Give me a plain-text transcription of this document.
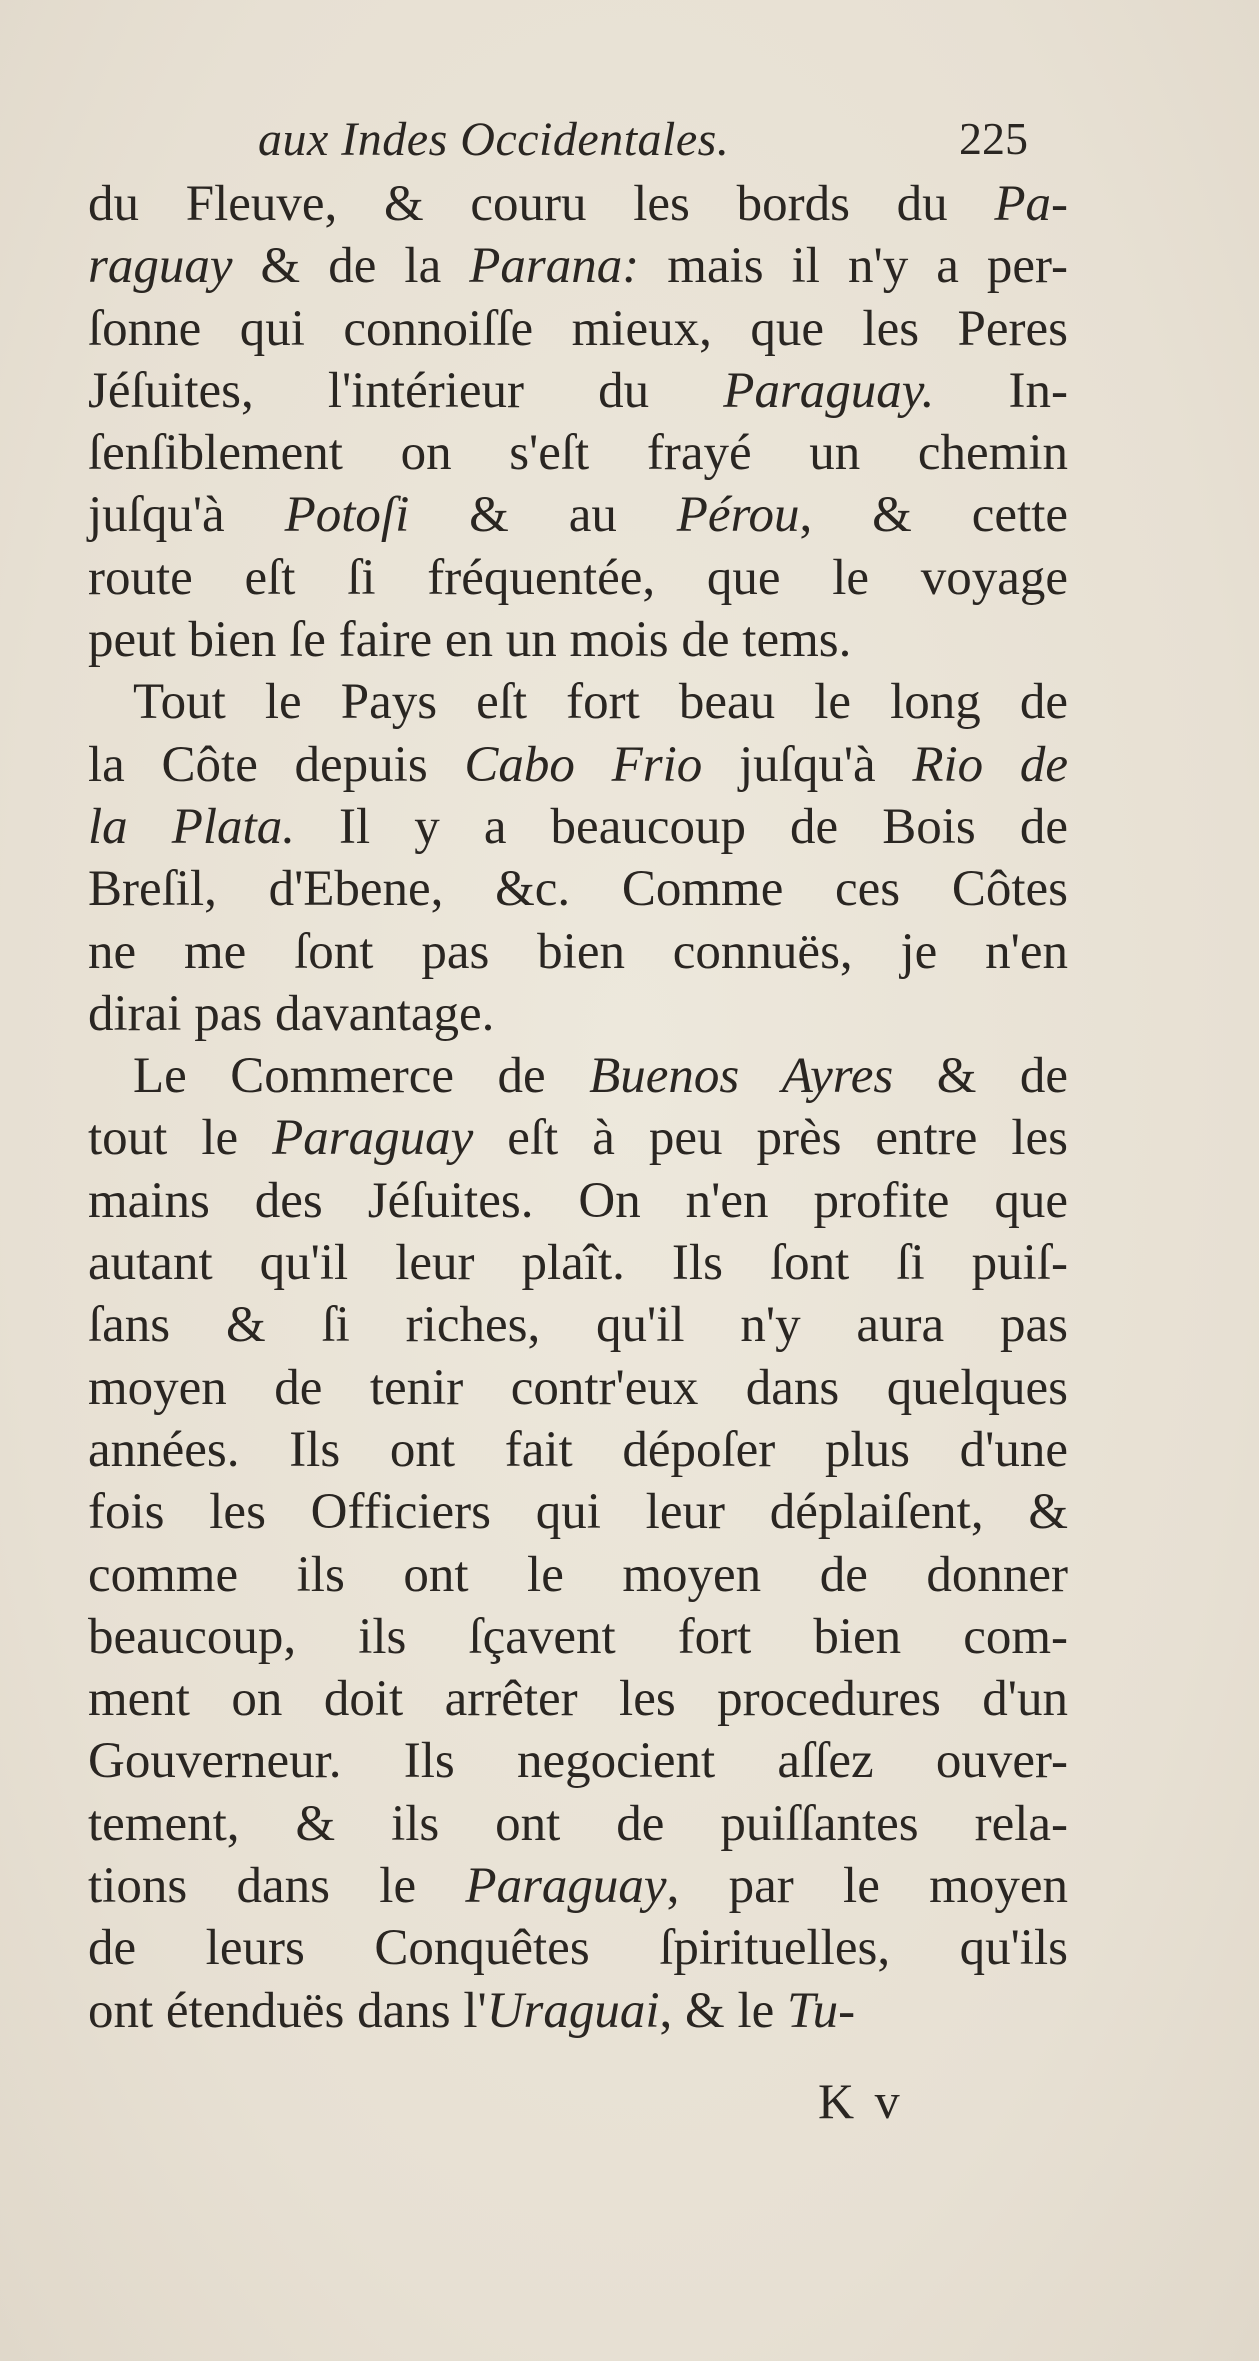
aux Indes Occidentales.	225
du Fleuve, & couru les bords du Pa-
raguay & de la Parana: mais il n'y a per-
ſonne qui connoiſſe mieux, que les Peres
Jéſuites, l'intérieur du Paraguay. In-
ſenſiblement on s'eſt frayé un chemin
juſqu'à Potoſi & au Pérou, & cette
route eſt ſi fréquentée, que le voyage
peut bien ſe faire en un mois de tems.
Tout le Pays eſt fort beau le long de
la Côte depuis Cabo Frio juſqu'à Rio de
la Plata. Il y a beaucoup de Bois de
Breſil, d'Ebene, &c. Comme ces Côtes
ne me ſont pas bien connuës, je n'en
dirai pas davantage.
Le Commerce de Buenos Ayres & de
tout le Paraguay eſt à peu près entre les
mains des Jéſuites. On n'en profite que
autant qu'il leur plaît. Ils ſont ſi puiſ-
ſans & ſi riches, qu'il n'y aura pas
moyen de tenir contr'eux dans quelques
années. Ils ont fait dépoſer plus d'une
fois les Officiers qui leur déplaiſent, &
comme ils ont le moyen de donner
beaucoup, ils ſçavent fort bien com-
ment on doit arrêter les procedures d'un
Gouverneur. Ils negocient aſſez ouver-
tement, & ils ont de puiſſantes rela-
tions dans le Paraguay, par le moyen
de leurs Conquêtes ſpirituelles, qu'ils
ont étenduës dans l'Uraguai, & le Tu-
K v
